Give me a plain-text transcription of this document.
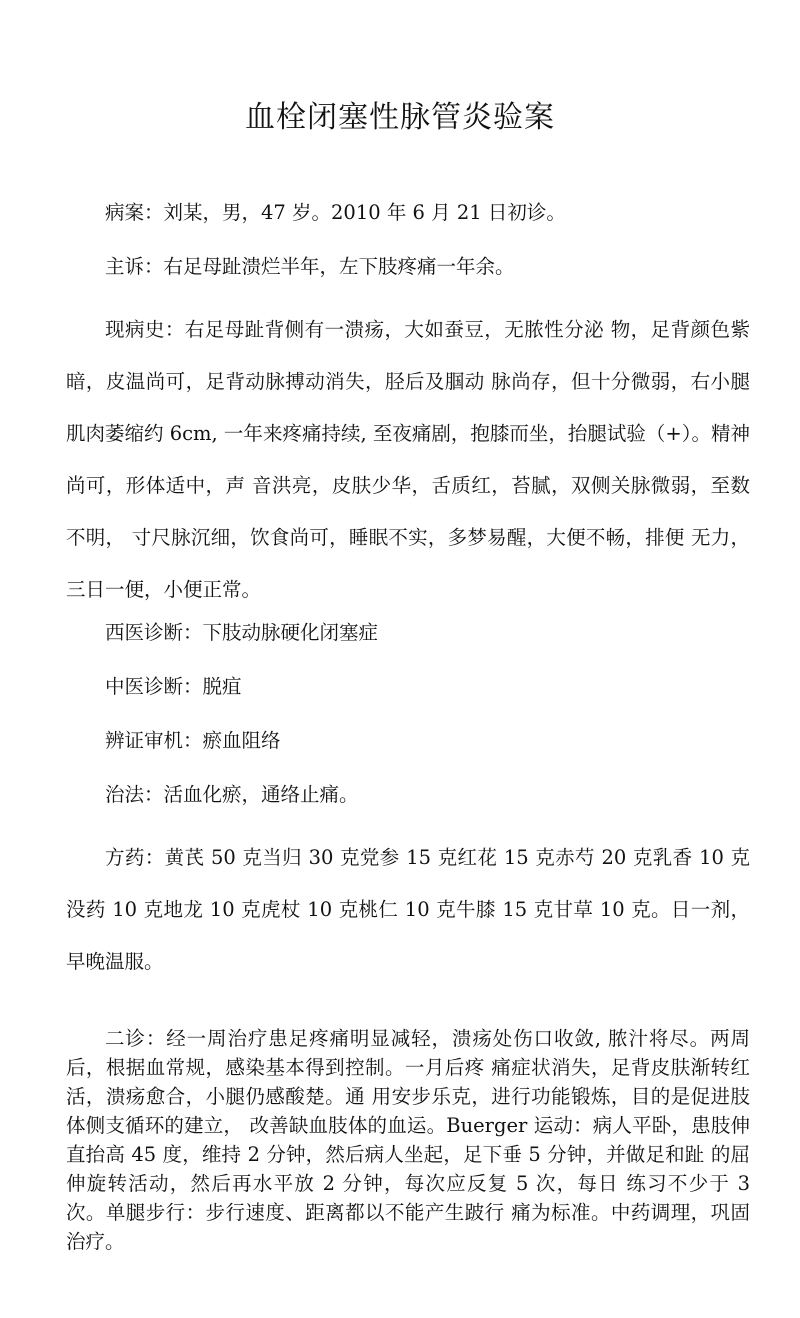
血栓闭塞性脉管炎验案

病案：刘某，男，47 岁。2010 年 6 月 21 日初诊。

主诉：右足母趾溃烂半年，左下肢疼痛一年余。

现病史：右足母趾背侧有一溃疡，大如蚕豆，无脓性分泌 物，足背颜色紫暗，皮温尚可，足背动脉搏动消失，胫后及腘动 脉尚存，但十分微弱，右小腿肌肉萎缩约 6cm, 一年来疼痛持续, 至夜痛剧，抱膝而坐，抬腿试验（+）。精神尚可，形体适中，声 音洪亮，皮肤少华，舌质红，苔腻，双侧关脉微弱，至数不明， 寸尺脉沉细，饮食尚可，睡眠不实，多梦易醒，大便不畅，排便 无力，三日一便，小便正常。

西医诊断：下肢动脉硬化闭塞症

中医诊断：脱疽

辨证审机：瘀血阻络

治法：活血化瘀，通络止痛。

方药：黄芪 50 克当归 30 克党参 15 克红花 15 克赤芍 20 克乳香 10 克没药 10 克地龙 10 克虎杖 10 克桃仁 10 克牛膝 15 克甘草 10 克。日一剂，早晚温服。

二诊：经一周治疗患足疼痛明显减轻，溃疡处伤口收敛, 脓汁将尽。两周后，根据血常规，感染基本得到控制。一月后疼 痛症状消失，足背皮肤渐转红活，溃疡愈合，小腿仍感酸楚。通 用安步乐克，进行功能锻炼，目的是促进肢体侧支循环的建立， 改善缺血肢体的血运。Buerger 运动：病人平卧，患肢伸直抬高 45 度，维持 2 分钟，然后病人坐起，足下垂 5 分钟，并做足和趾 的屈伸旋转活动，然后再水平放 2 分钟，每次应反复 5 次，每日 练习不少于 3 次。单腿步行：步行速度、距离都以不能产生跛行 痛为标准。中药调理，巩固治疗。
